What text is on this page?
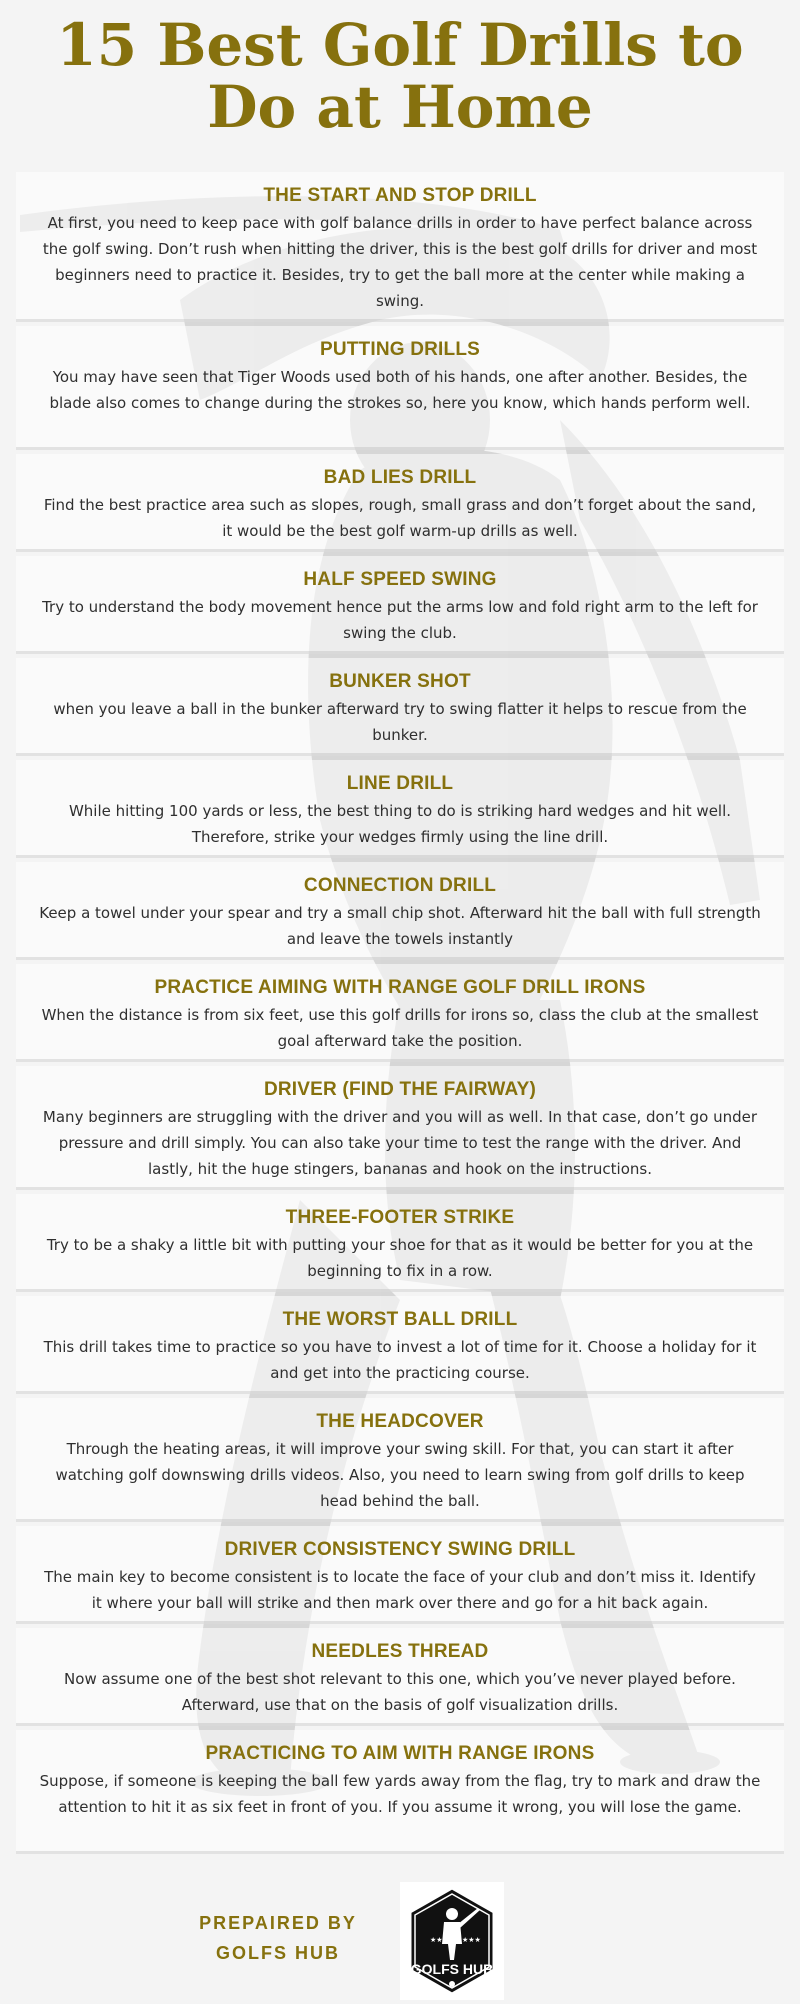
15 Best Golf Drills to
Do at Home
THE START AND STOP DRILL

At first, you need to keep pace with golf balance drills in order to have perfect balance across the golf swing. Don’t rush when hitting the driver, this is the best golf drills for driver and most beginners need to practice it. Besides, try to get the ball more at the center while making a swing.

PUTTING DRILLS

You may have seen that Tiger Woods used both of his hands, one after another. Besides, the blade also comes to change during the strokes so, here you know, which hands perform well.

BAD LIES DRILL

Find the best practice area such as slopes, rough, small grass and don’t forget about the sand, it would be the best golf warm-up drills as well.

HALF SPEED SWING

Try to understand the body movement hence put the arms low and fold right arm to the left for swing the club.

BUNKER SHOT

when you leave a ball in the bunker afterward try to swing flatter it helps to rescue from the bunker.

LINE DRILL

While hitting 100 yards or less, the best thing to do is striking hard wedges and hit well. Therefore, strike your wedges firmly using the line drill.

CONNECTION DRILL

Keep a towel under your spear and try a small chip shot. Afterward hit the ball with full strength and leave the towels instantly

PRACTICE AIMING WITH RANGE GOLF DRILL IRONS

When the distance is from six feet, use this golf drills for irons so, class the club at the smallest goal afterward take the position.

DRIVER (FIND THE FAIRWAY)

Many beginners are struggling with the driver and you will as well. In that case, don’t go under pressure and drill simply. You can also take your time to test the range with the driver. And lastly, hit the huge stingers, bananas and hook on the instructions.

THREE-FOOTER STRIKE

Try to be a shaky a little bit with putting your shoe for that as it would be better for you at the beginning to fix in a row.

THE WORST BALL DRILL

This drill takes time to practice so you have to invest a lot of time for it. Choose a holiday for it and get into the practicing course.

THE HEADCOVER

Through the heating areas, it will improve your swing skill. For that, you can start it after watching golf downswing drills videos. Also, you need to learn swing from golf drills to keep head behind the ball.

DRIVER CONSISTENCY SWING DRILL

The main key to become consistent is to locate the face of your club and don’t miss it. Identify it where your ball will strike and then mark over there and go for a hit back again.

NEEDLES THREAD

Now assume one of the best shot relevant to this one, which you’ve never played before. Afterward, use that on the basis of golf visualization drills.

PRACTICING TO AIM WITH RANGE IRONS

Suppose, if someone is keeping the ball few yards away from the flag, try to mark and draw the attention to hit it as six feet in front of you. If you assume it wrong, you will lose the game.

PREPAIRED BY
GOLFS HUB
★★★ ★★★
GOLFS HUB
